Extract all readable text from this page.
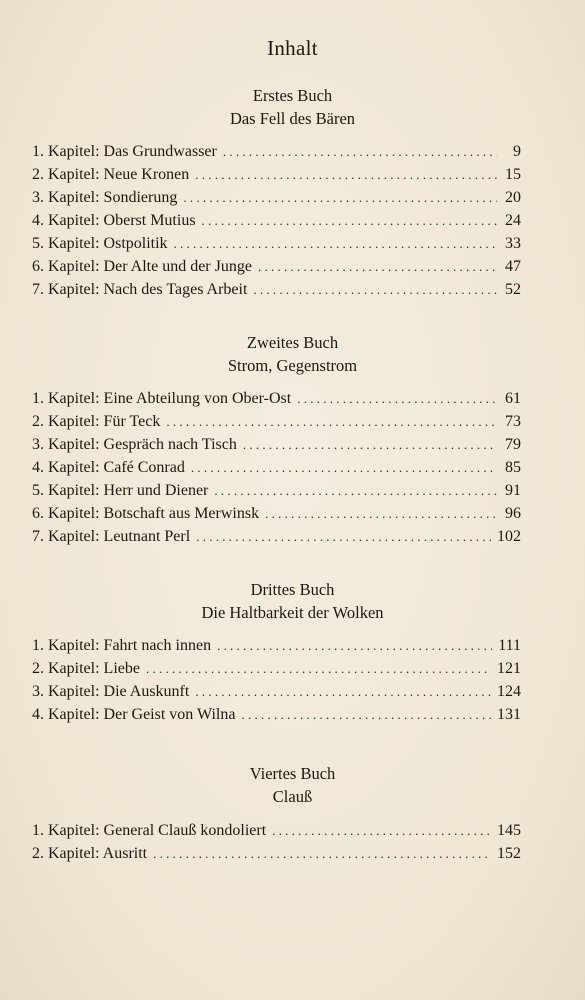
Inhalt
Erstes Buch
Das Fell des Bären
1. Kapitel: Das Grundwasser . . .	9
2. Kapitel: Neue Kronen . . .	15
3. Kapitel: Sondierung . . .	20
4. Kapitel: Oberst Mutius . . .	24
5. Kapitel: Ostpolitik . . .	33
6. Kapitel: Der Alte und der Junge . . .	47
7. Kapitel: Nach des Tages Arbeit . . .	52
Zweites Buch
Strom, Gegenstrom
1. Kapitel: Eine Abteilung von Ober-Ost . . .	61
2. Kapitel: Für Teck . . .	73
3. Kapitel: Gespräch nach Tisch . . .	79
4. Kapitel: Café Conrad . . .	85
5. Kapitel: Herr und Diener . . .	91
6. Kapitel: Botschaft aus Merwinsk . . .	96
7. Kapitel: Leutnant Perl . . .	102
Drittes Buch
Die Haltbarkeit der Wolken
1. Kapitel: Fahrt nach innen . . .	111
2. Kapitel: Liebe . . .	121
3. Kapitel: Die Auskunft . . .	124
4. Kapitel: Der Geist von Wilna . . .	131
Viertes Buch
Clauß
1. Kapitel: General Clauß kondoliert . . .	145
2. Kapitel: Ausritt . . .	152
